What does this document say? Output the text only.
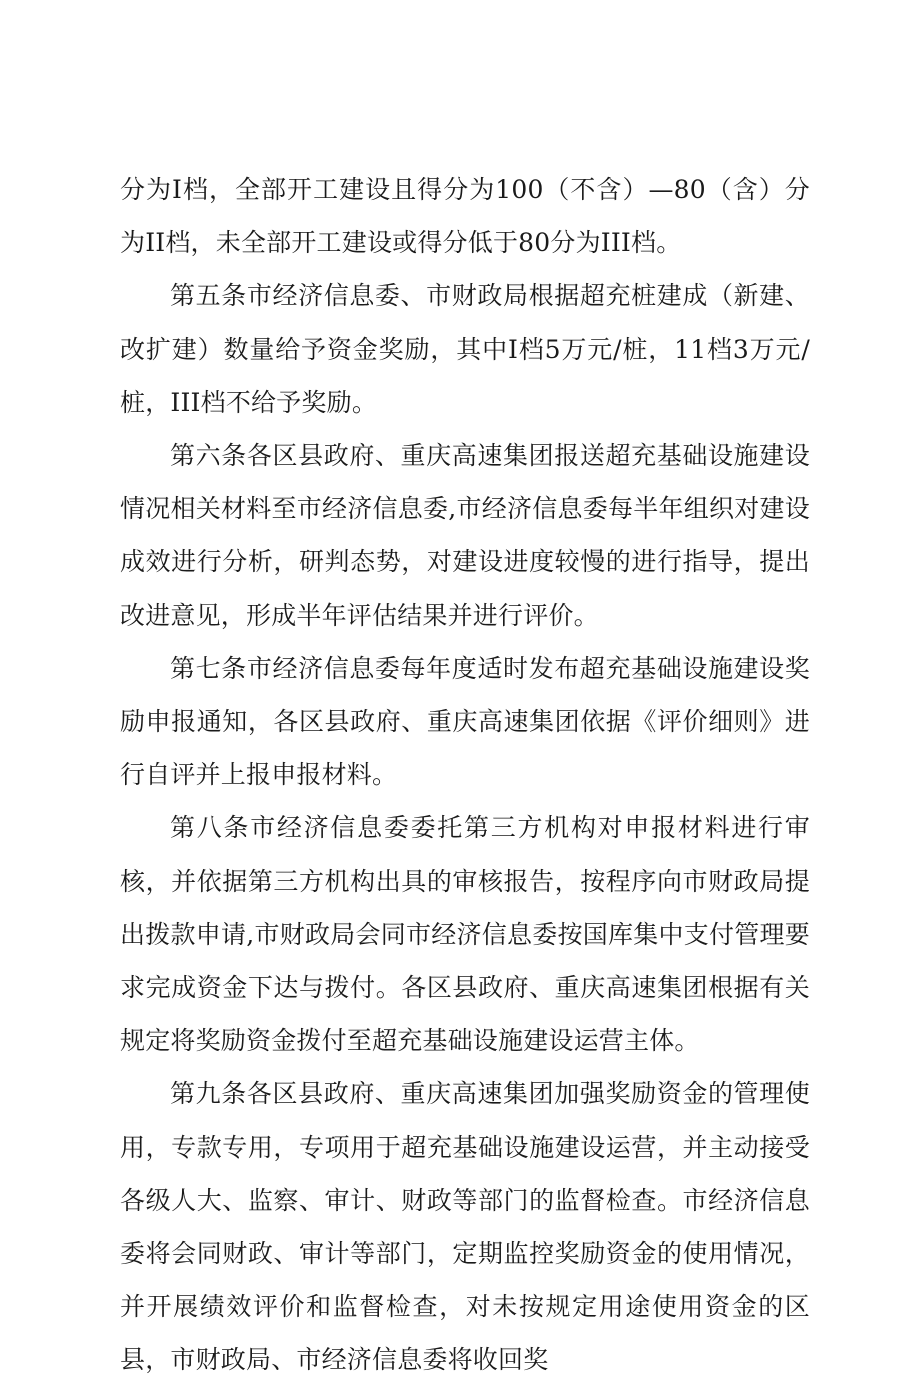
分为I档，全部开工建设且得分为100（不含）—80（含）分为II档，未全部开工建设或得分低于80分为III档。

第五条市经济信息委、市财政局根据超充桩建成（新建、改扩建）数量给予资金奖励，其中I档5万元/桩，11档3万元/桩，III档不给予奖励。

第六条各区县政府、重庆高速集团报送超充基础设施建设情况相关材料至市经济信息委,市经济信息委每半年组织对建设成效进行分析，研判态势，对建设进度较慢的进行指导，提出改进意见，形成半年评估结果并进行评价。

第七条市经济信息委每年度适时发布超充基础设施建设奖励申报通知，各区县政府、重庆高速集团依据《评价细则》进行自评并上报申报材料。

第八条市经济信息委委托第三方机构对申报材料进行审核，并依据第三方机构出具的审核报告，按程序向市财政局提出拨款申请,市财政局会同市经济信息委按国库集中支付管理要求完成资金下达与拨付。各区县政府、重庆高速集团根据有关规定将奖励资金拨付至超充基础设施建设运营主体。

第九条各区县政府、重庆高速集团加强奖励资金的管理使用，专款专用，专项用于超充基础设施建设运营，并主动接受各级人大、监察、审计、财政等部门的监督检查。市经济信息委将会同财政、审计等部门，定期监控奖励资金的使用情况，并开展绩效评价和监督检查，对未按规定用途使用资金的区县，市财政局、市经济信息委将收回奖
